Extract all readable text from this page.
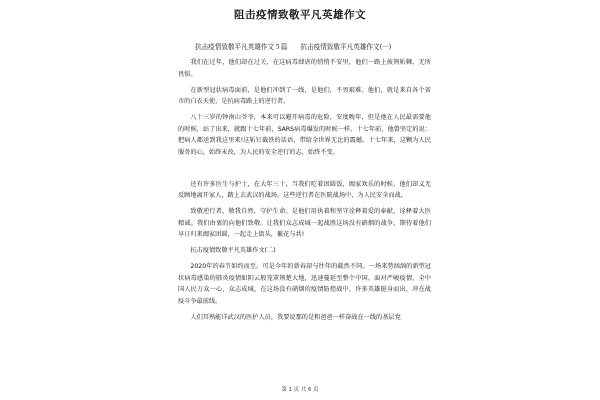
阻击疫情致敬平凡英雄作文
抗击疫情致敬平凡英雄作文５篇　　抗击疫情致敬平凡英雄作文(一)

我们在过年，他们却在过关，在这病毒肆虐的悄悄不安里，他们一路上披荆斩棘，无所畏惧。

在新型冠状病毒面前，是他们冲到了一线，是他们，不畏艰难。他们，就是来自各个省市的白衣天使，是抗病毒路上的逆行者。

八十三岁的钟南山爷爷，本来可以避开病毒的危险，安度晚年，但是他在人民最需要他的时候，站了出来，就跟十七年前，SARS病毒爆发的时候一样。十七年前，他曾坚定的说：把病人都送到我这里来!这斩钉截铁的话语，带给全世界无比的震撼。十七年来，这颗为人民服务的心，始终未改，为人民的安全逆行的志，始终不变。

还有许多医生与护士，在大年三十，当我们吃着团圆饭，阖家欢乐的时候，他们却义无反顾地离开家人，踏上去武汉的战场。这些逆行者在医院战场中，为人民安全而战。

致敬逆行者，敬我自然，守护生命。是他们用执着和坚守诠释着爱的奉献，诠释着大医精诚。我们由衷的向他们致敬。让我们众志成城一起战胜这场没有硝烟的战争，期待着他们早日归来阖家团圆，一起走上街头，繁花与共!

抗击疫情致敬平凡英雄作文(二)

2020年的春节如约而至。可是今年的新春却与往年的截然不同。一场来势汹汹的新型冠状病毒感染的肺炎疫情如阴云般笼罩荆楚大地，迅速蔓延至整个中国。面对严峻疫情，全中国人民万众一心，众志成城，在这场没有硝烟的疫情防控战中，许多英雄挺身而出，冲在战疫斗争最前线。

人们耳熟能详武汉的医护人员，我要说那的是和爸爸一样奋战在一线的基层党

第 1 页 共 6 页
